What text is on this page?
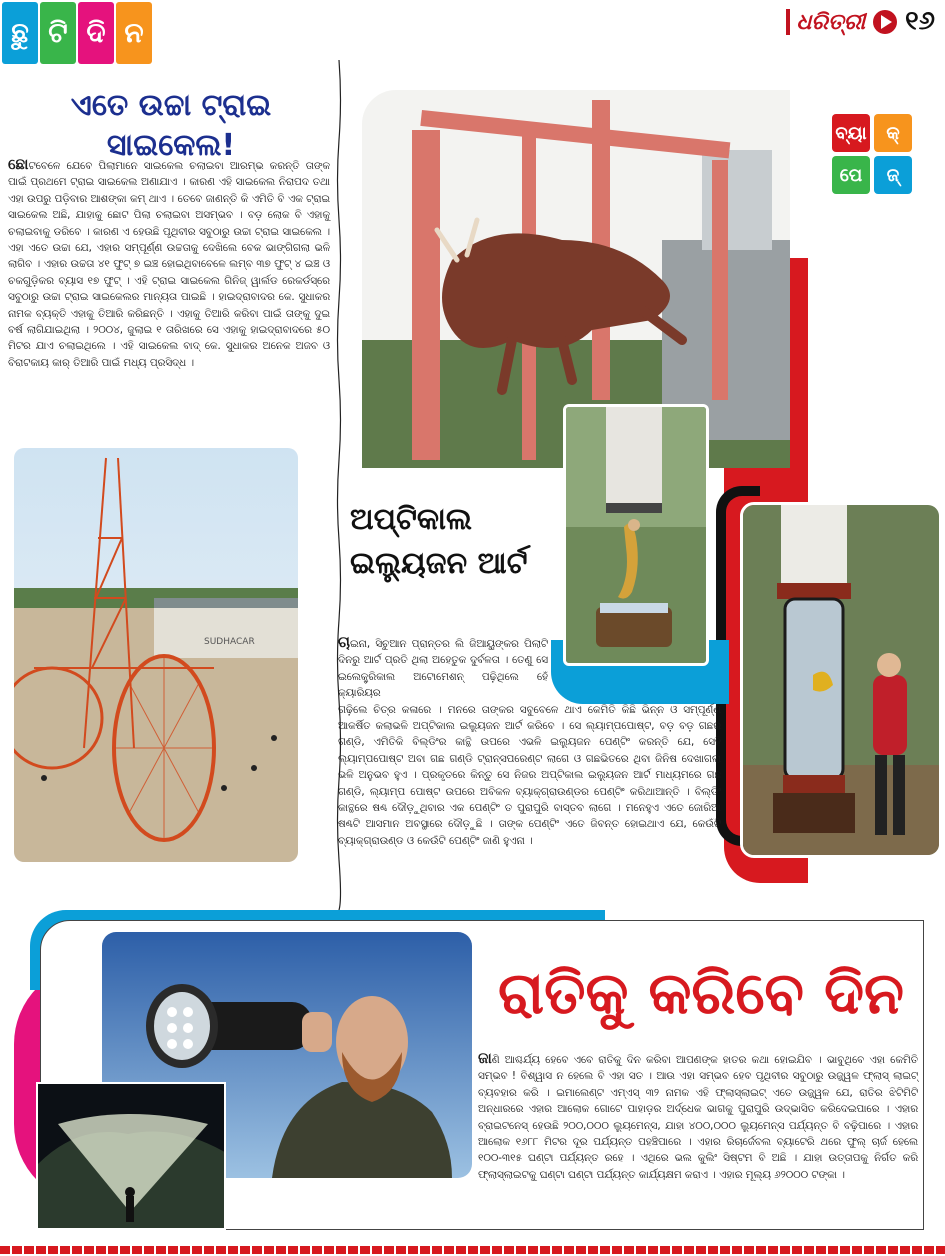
ଛୁ ଟି ଦି ନ	ଧରିତ୍ରୀ ୧୬
ଏତେ ଉଚ୍ଚା ଟ୍ରାଇ
ସାଇକେଲ!
ଛୋଟବେଳେ ଯେବେ ପିଲାମାନେ ସାଇକେଲ ଚଲାଇବା ଆରମ୍ଭ କରନ୍ତି ତାଙ୍କ ପାଇଁ ପ୍ରଥମେ ଟ୍ରାଇ ସାଇକେଲ ଅଣାଯାଏ । କାରଣ ଏହି ସାଇକେଲ ନିରାପଦ ତଥା ଏହା ଉପରୁ ପଡ଼ିବାର ଆଶଙ୍କା କମ୍ ଥାଏ । ତେବେ ଜାଣନ୍ତି କି ଏମିତି ବି ଏକ ଟ୍ରାଇ ସାଇକେଲ ଅଛି, ଯାହାକୁ ଛୋଟ ପିଲା ଚଲାଇବା ଅସମ୍ଭବ । ବଡ଼ ଲୋକ ବି ଏହାକୁ ଚଲାଇବାକୁ ଡରିବେ । କାରଣ ଏ ହେଉଛି ପୃଥିବୀର ସବୁଠାରୁ ଉଚ୍ଚା ଟ୍ରାଇ ସାଇକେଲ । ଏହା ଏତେ ଉଚ୍ଚା ଯେ, ଏହାର ସମ୍ପୂର୍ଣ୍ଣ ଉଚ୍ଚତାକୁ ଦେଖିଲେ ବେକ ଭାଙ୍ଗିଗଲା ଭଳି ଲାଗିବ । ଏହାର ଉଚ୍ଚତା ୪୧ ଫୁଟ୍ ୭ ଇଞ୍ଚ ହୋଇଥିବାବେଳେ ଲମ୍ବ ୩୭ ଫୁଟ୍ ୪ ଇଞ୍ଚ ଓ ଚକଗୁଡ଼ିକର ବ୍ୟାସ ୧୭ ଫୁଟ୍ । ଏହି ଟ୍ରାଇ ସାଇକେଲ ଗିନିଜ୍ ୱାର୍ଲଡ ରେକର୍ଡସ୍‌ରେ ସବୁଠାରୁ ଉଚ୍ଚା ଟ୍ରାଇ ସାଇକେଲର ମାନ୍ୟତା ପାଇଛି । ହାଇଦ୍ରାବାଦର କେ. ସୁଧାକର ନାମକ ବ୍ୟକ୍ତି ଏହାକୁ ତିଆରି କରିଛନ୍ତି । ଏହାକୁ ତିଆରି କରିବା ପାଇଁ ତାଙ୍କୁ ଦୁଇ ବର୍ଷ ଲାଗିଯାଇଥିଲା । ୨୦୦୪, ଜୁଲାଇ ୧ ତାରିଖରେ ସେ ଏହାକୁ ହାଇଦ୍ରାବାଦରେ ୫୦ ମିଟର ଯାଏ ଚଲାଇଥିଲେ । ଏହି ସାଇକେଲ ବାଦ୍ କେ. ସୁଧାକର ଅନେକ ଅଜବ ଓ ବିରାଟକାୟ କାର୍ ତିଆରି ପାଇଁ ମଧ୍ୟ ପ୍ରସିଦ୍ଧ ।
SUDHACAR
ବ୍ୟା	କ୍
ପେ	ଜ୍
ଅପ୍ଟିକାଲ
ଇଲ୍ୟୁଜନ ଆର୍ଟ
ଚାଇନା, ସିଚୁଆନ ପ୍ରାନ୍ତର ଲି ଜିଆୟୁଙ୍କର ପିଲାଟି ଦିନରୁ ଆର୍ଟ ପ୍ରତି ଥିଲା ଅହେତୁକ ଦୁର୍ବଳତା । ତେଣୁ ସେ ଇଲେକ୍ଟ୍ରିକାଲ ଅଟୋମେଶନ୍ ପଢ଼ିଥିଲେ ହେଁ କ୍ୟାରିୟର
ଗଢ଼ିଲେ ଚିତ୍ର କଳାରେ । ମନରେ ତାଙ୍କର ସବୁବେଳେ ଥାଏ କେମିତି କିଛି ଭିନ୍ନ ଓ ସମ୍ପୂର୍ଣ୍ଣ ଆକର୍ଷିତ କଲାଭଳି ଅପ୍ଟିକାଲ ଇଲ୍ୟୁଜନ ଆର୍ଟ କରିବେ । ସେ ଲ୍ୟାମ୍ପପୋଷ୍ଟ, ବଡ଼ ବଡ଼ ଗଛର ଗଣ୍ଡି, ଏମିତିକି ବିଲ୍ଡିଂର କାନ୍ଥି ଉପରେ ଏଭଳି ଇଲ୍ୟୁଜନ ପେଣ୍ଟିଂ କରନ୍ତି ଯେ, ସେହି ଲ୍ୟାମ୍ପପୋଷ୍ଟ ଅବା ଗଛ ଗଣ୍ଡି ଟ୍ରାନ୍ସପରେଣ୍ଟ ଲାଗେ ଓ ଗଛଭିତରେ ଥିବା ଜିନିଷ ଦେଖାଗଲା ଭଳି ଅନୁଭବ ହୁଏ । ପ୍ରକୃତରେ କିନ୍ତୁ ସେ ନିଜର ଅପ୍ଟିକାଲ ଇଲ୍ୟୁଜନ ଆର୍ଟ ମାଧ୍ୟମରେ ଗଛ ଗଣ୍ଡି, ଲ୍ୟାମ୍ପ ପୋଷ୍ଟ ଉପରେ ଅବିକଳ ବ୍ୟାକ୍‌ଗ୍ରାଉଣ୍ଡର ପେଣ୍ଟିଂ କରିଥାଆନ୍ତି । ବିଲ୍ଡିଂ କାନ୍ଥରେ ଷଣ୍ଢ ଦୌଡ଼ୁଥିବାର ଏକ ପେଣ୍ଟିଂ ତ ପୁରାପୁରି ବାସ୍ତବ ଲାଗେ । ମନେହୁଏ ଏତେ ଜୋରିଆ ଷଣ୍ଢଟି ଆସମାନ ଅବସ୍ଥାରେ ଦୌଡ଼ୁଛି । ତାଙ୍କ ପେଣ୍ଟିଂ ଏତେ ଜିବନ୍ତ ହୋଇଥାଏ ଯେ, କେଉଁଟି ବ୍ୟାକ୍‌ଗ୍ରାଉଣ୍ଡ ଓ କେଉଁଟି ପେଣ୍ଟିଂ ଜାଣି ହୁଏନା ।
ରାତିକୁ କରିବେ ଦିନ
ଜାଣି ଆଶ୍ଚର୍ଯ୍ୟ ହେବେ ଏବେ ରାତିକୁ ଦିନ କରିବା ଆପଣଙ୍କ ହାତର କଥା ହୋଇଯିବ । ଭାବୁଥିବେ ଏହା କେମିତି ସମ୍ଭବ ! ବିଶ୍ୱାସ ନ ହେଲେ ବି ଏହା ସତ । ଆଉ ଏହା ସମ୍ଭବ ହେବ ପୃଥିବୀର ସବୁଠାରୁ ଉଜ୍ଜ୍ୱଳ ଫ୍ଲାସ୍ ଲାଇଟ୍ ବ୍ୟବହାର କରି । ଇମାଲେଣ୍ଟ ଏମ୍‌ଏସ୍ ୩୨ ନାମକ ଏହି ଫ୍ଲାସ୍‌ଲାଇଟ୍ ଏତେ ଉଜ୍ଜ୍ୱଳ ଯେ, ରାତିର ଝିଟିମିଟି ଅନ୍ଧାରରେ ଏହାର ଆଲୋକ ଗୋଟେ ପାହାଡ଼ର ଅର୍ଦ୍ଧେକ ଭାଗକୁ ପୁରାପୁରି ଉଦ୍ଭାସିତ କରିଦେଇପାରେ । ଏହାର ବ୍ରାଇଟନେସ୍ ହେଉଛି ୨୦୦,୦୦୦ ଲ୍ୟୁମେନ୍ସ, ଯାହା ୪୦୦,୦୦୦ ଲ୍ୟୁମେନ୍ସ ପର୍ଯ୍ୟନ୍ତ ବି ବଢ଼ିପାରେ । ଏହାର ଆଲୋକ ୧୬୮୮ ମିଟର ଦୂର ପର୍ଯ୍ୟନ୍ତ ପହଞ୍ଚିପାରେ । ଏହାର ରିଚାର୍ଜେବଲ ବ୍ୟାଟେରି ଥରେ ଫୁଲ୍ ଚାର୍ଜ ହେଲେ ୧୦୦-୩୧୫ ଘଣ୍ଟା ପର୍ଯ୍ୟନ୍ତ ରହେ । ଏଥିରେ ଭଲ କୁଲିଂ ସିଷ୍ଟମ ବି ଅଛି । ଯାହା ଉତ୍ତାପକୁ ନିର୍ଗତ କରି ଫ୍ଲାସ୍‌ଲାଇଟକୁ ଘଣ୍ଟା ଘଣ୍ଟା ପର୍ଯ୍ୟନ୍ତ କାର୍ଯ୍ୟକ୍ଷମ କରାଏ । ଏହାର ମୂଲ୍ୟ ୬୨୦୦୦ ଟଙ୍କା ।
